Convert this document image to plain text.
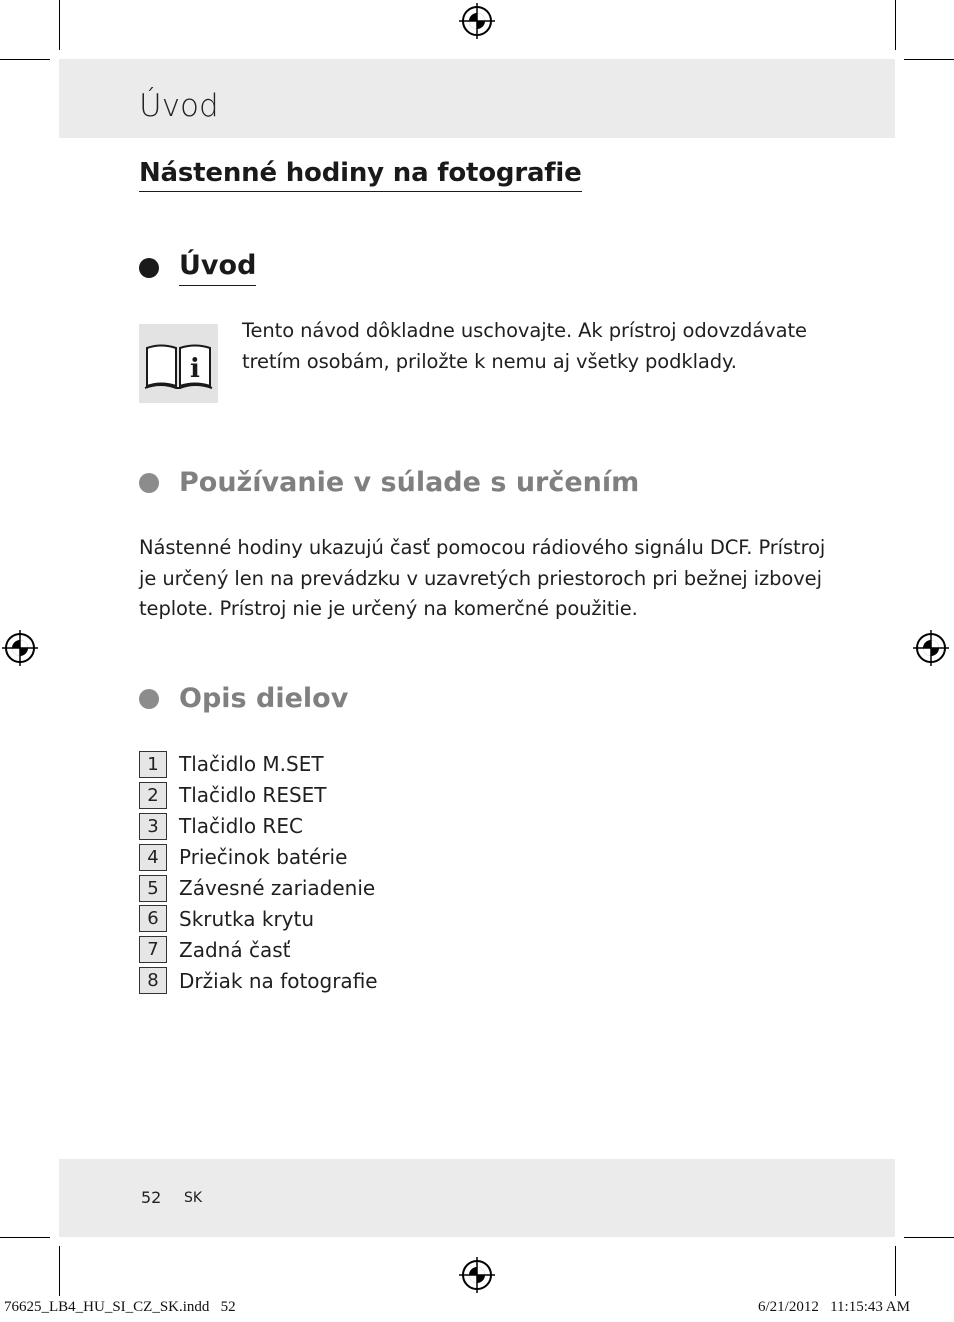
Úvod
Nástenné hodiny na fotografie
Úvod
i
Tento návod dôkladne uschovajte. Ak prístroj odovzdávate
tretím osobám, priložte k nemu aj všetky podklady.
Používanie v súlade s určením
Nástenné hodiny ukazujú časť pomocou rádiového signálu DCF. Prístroj
je určený len na prevádzku v uzavretých priestoroch pri bežnej izbovej
teplote. Prístroj nie je určený na komerčné použitie.
Opis dielov
1	Tlačidlo M.SET
2	Tlačidlo RESET
3	Tlačidlo REC
4	Priečinok batérie
5	Závesné zariadenie
6	Skrutka krytu
7	Zadná časť
8	Držiak na fotografie
52 SK
76625_LB4_HU_SI_CZ_SK.indd   52	6/21/2012   11:15:43 AM
